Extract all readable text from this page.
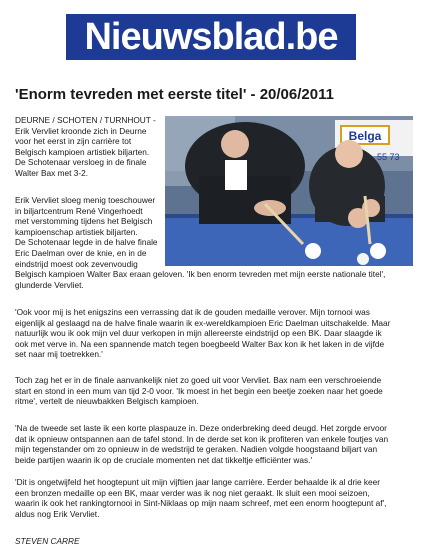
Nieuwsblad.be
'Enorm tevreden met eerste titel' - 20/06/2011
DEURNE / SCHOTEN / TURNHOUT -
Erik Vervliet kroonde zich in Deurne
voor het eerst in zijn carrière tot
Belgisch kampioen artistiek biljarten.
De Schotenaar versloeg in de finale
Walter Bax met 3-2.
Erik Vervliet sloeg menig toeschouwer
in biljartcentrum René Vingerhoedt
met verstomming tijdens het Belgisch
kampioenschap artistiek biljarten.
De Schotenaar legde in de halve finale
Eric Daelman over de knie, en in de
eindstrijd moest ook zevenvoudig
Belgisch kampioen Walter Bax eraan geloven. 'Ik ben enorm tevreden met mijn eerste nationale titel',
glunderde Vervliet.
Belga
55 73
'Ook voor mij is het enigszins een verrassing dat ik de gouden medaille verover. Mijn tornooi was
eigenlijk al geslaagd na de halve finale waarin ik ex-wereldkampioen Eric Daelman uitschakelde. Maar
natuurlijk wou ik ook mijn vel duur verkopen in mijn allereerste eindstrijd op een BK. Daar slaagde ik
ook met verve in. Na een spannende match tegen boegbeeld Walter Bax kon ik het laken in de vijfde
set naar mij toetrekken.'
Toch zag het er in de finale aanvankelijk niet zo goed uit voor Vervliet. Bax nam een verschroeiende
start en stond in een mum van tijd 2-0 voor. 'Ik moest in het begin een beetje zoeken naar het goede
ritme', vertelt de nieuwbakken Belgisch kampioen.
'Na de tweede set laste ik een korte plaspauze in. Deze onderbreking deed deugd. Het zorgde ervoor
dat ik opnieuw ontspannen aan de tafel stond. In de derde set kon ik profiteren van enkele foutjes van
mijn tegenstander om zo opnieuw in de wedstrijd te geraken. Nadien volgde hoogstaand biljart van
beide partijen waarin ik op de cruciale momenten net dat tikkeltje efficiënter was.'
'Dit is ongetwijfeld het hoogtepunt uit mijn vijftien jaar lange carrière. Eerder behaalde ik al drie keer
een bronzen medaille op een BK, maar verder was ik nog niet geraakt. Ik sluit een mooi seizoen,
waarin ik ook het rankingtornooi in Sint-Niklaas op mijn naam schreef, met een enorm hoogtepunt af',
aldus nog Erik Vervliet.
STEVEN CARRE
